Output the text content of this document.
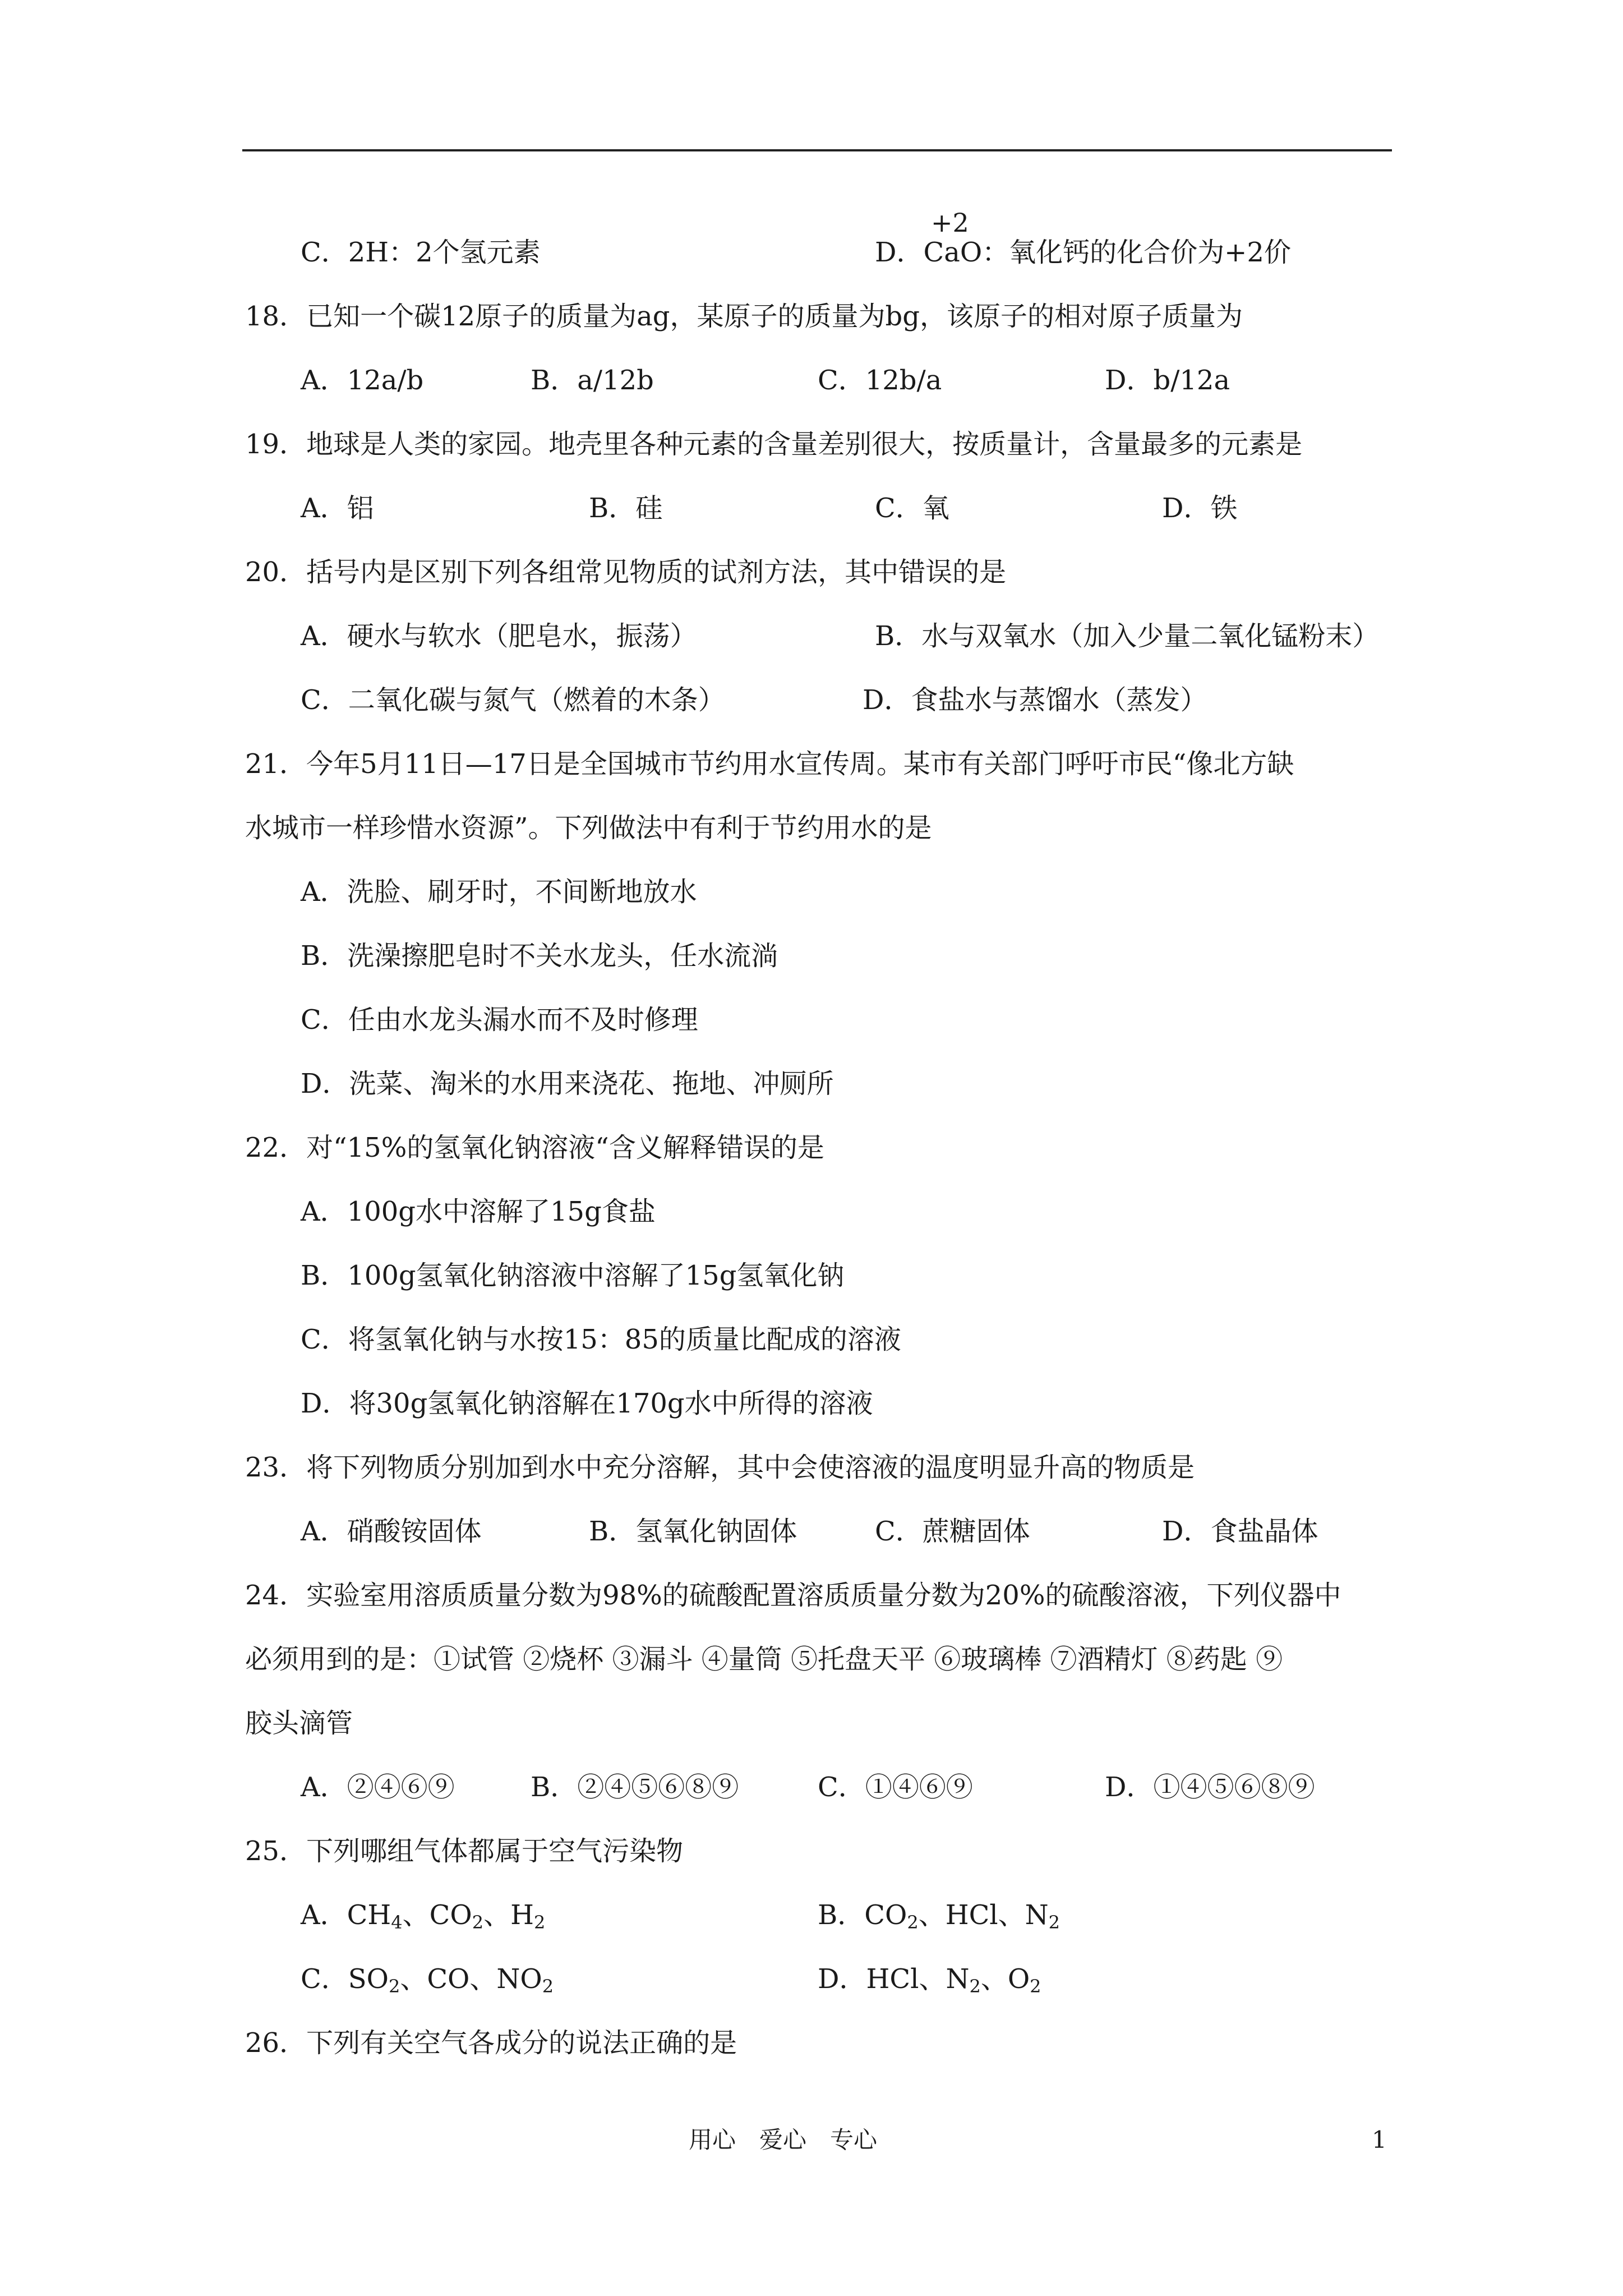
C．2H：2个氢元素
+2
D．CaO：氧化钙的化合价为+2价
18．已知一个碳12原子的质量为ag，某原子的质量为bg，该原子的相对原子质量为
A．12a/b	B．a/12b	C．12b/a	D．b/12a
19．地球是人类的家园。地壳里各种元素的含量差别很大，按质量计，含量最多的元素是
A．铝	B．硅	C．氧	D．铁
20．括号内是区别下列各组常见物质的试剂方法，其中错误的是
A．硬水与软水（肥皂水，振荡）	B．水与双氧水（加入少量二氧化锰粉末）
C．二氧化碳与氮气（燃着的木条）	D．食盐水与蒸馏水（蒸发）
21．今年5月11日—17日是全国城市节约用水宣传周。某市有关部门呼吁市民“像北方缺
水城市一样珍惜水资源”。下列做法中有利于节约用水的是
A．洗脸、刷牙时，不间断地放水
B．洗澡擦肥皂时不关水龙头，任水流淌
C．任由水龙头漏水而不及时修理
D．洗菜、淘米的水用来浇花、拖地、冲厕所
22．对“15%的氢氧化钠溶液“含义解释错误的是
A．100g水中溶解了15g食盐
B．100g氢氧化钠溶液中溶解了15g氢氧化钠
C．将氢氧化钠与水按15：85的质量比配成的溶液
D．将30g氢氧化钠溶解在170g水中所得的溶液
23．将下列物质分别加到水中充分溶解，其中会使溶液的温度明显升高的物质是
A．硝酸铵固体	B．氢氧化钠固体	C．蔗糖固体	D．食盐晶体
24．实验室用溶质质量分数为98%的硫酸配置溶质质量分数为20%的硫酸溶液，下列仪器中
必须用到的是：①试管 ②烧杯 ③漏斗 ④量筒 ⑤托盘天平 ⑥玻璃棒 ⑦酒精灯 ⑧药匙 ⑨
胶头滴管
A．②④⑥⑨	B．②④⑤⑥⑧⑨	C．①④⑥⑨	D．①④⑤⑥⑧⑨
25．下列哪组气体都属于空气污染物
A．$CH_4$、$CO_2$、$H_2$	B．$CO_2$、HCl、$N_2$
C．$SO_2$、CO、$NO_2$	D．HCl、$N_2$、$O_2$
26．下列有关空气各成分的说法正确的是
用心　爱心　专心	1
